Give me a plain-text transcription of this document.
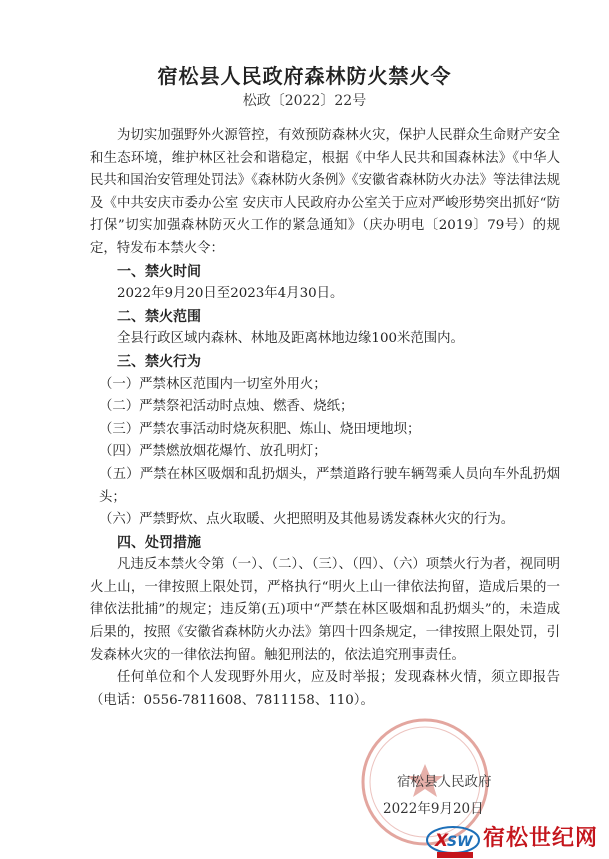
宿松县人民政府森林防火禁火令
松政〔2022〕22号

为切实加强野外火源管控，有效预防森林火灾，保护人民群众生命财产安全和生态环境，维护林区社会和谐稳定，根据《中华人民共和国森林法》《中华人民共和国治安管理处罚法》《森林防火条例》《安徽省森林防火办法》等法律法规及《中共安庆市委办公室 安庆市人民政府办公室关于应对严峻形势突出抓好“防打保”切实加强森林防灭火工作的紧急通知》（庆办明电〔2019〕79号）的规定，特发布本禁火令：

一、禁火时间

2022年9月20日至2023年4月30日。

二、禁火范围

全县行政区域内森林、林地及距离林地边缘100米范围内。

三、禁火行为

（一）严禁林区范围内一切室外用火；

（二）严禁祭祀活动时点烛、燃香、烧纸；

（三）严禁农事活动时烧灰积肥、炼山、烧田埂地坝；

（四）严禁燃放烟花爆竹、放孔明灯；

（五）严禁在林区吸烟和乱扔烟头，严禁道路行驶车辆驾乘人员向车外乱扔烟头；

（六）严禁野炊、点火取暖、火把照明及其他易诱发森林火灾的行为。

四、处罚措施

凡违反本禁火令第（一）、（二）、（三）、（四）、（六）项禁火行为者，视同明火上山，一律按照上限处罚，严格执行“明火上山一律依法拘留，造成后果的一律依法批捕”的规定；违反第(五)项中“严禁在林区吸烟和乱扔烟头”的，未造成后果的，按照《安徽省森林防火办法》第四十四条规定，一律按照上限处罚，引发森林火灾的一律依法拘留。触犯刑法的，依法追究刑事责任。

任何单位和个人发现野外用火，应及时举报；发现森林火情，须立即报告（电话：0556-7811608、7811158、110）。

宿松县人民政府
2022年9月20日
X
SW 宿松世纪网
